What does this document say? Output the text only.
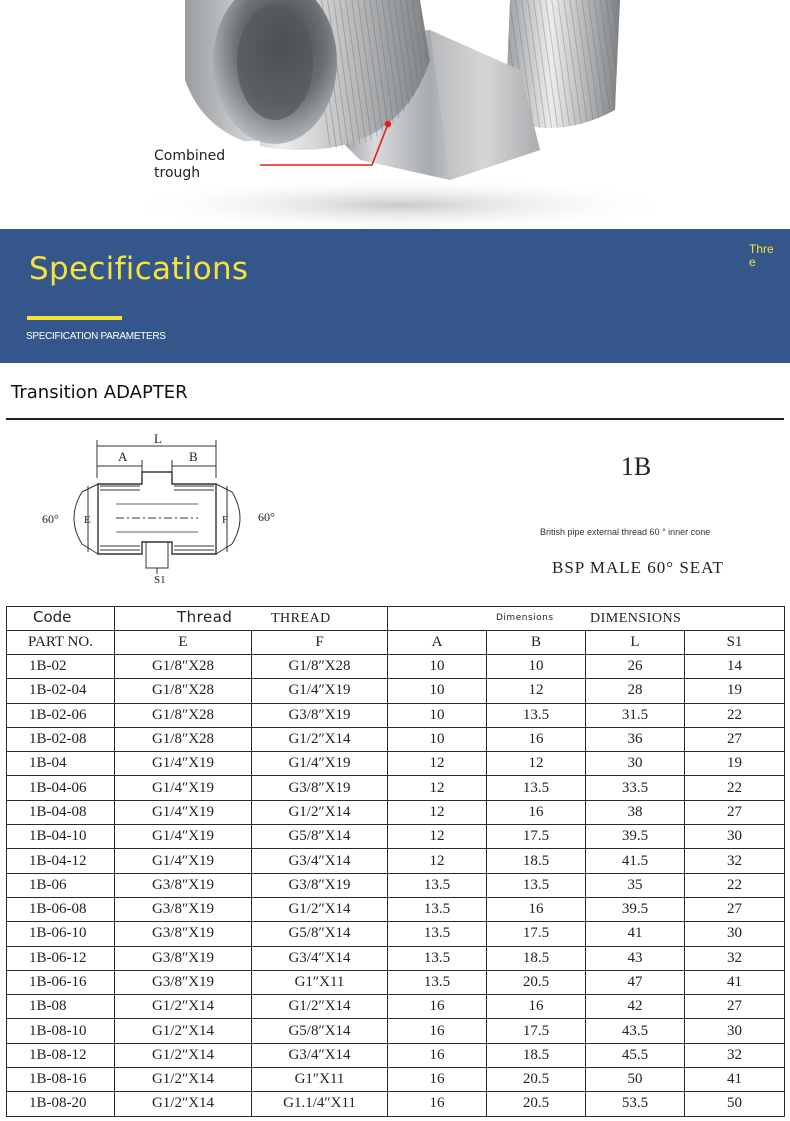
Combined
trough
Specifications
SPECIFICATION PARAMETERS
Three
Transition ADAPTER
L
A	B
E	F
S1
60°	60°
1B
British pipe external thread 60 ° inner cone
BSP MALE 60° SEAT
Code	Thread THREAD		Dimensions DIMENSIONS			

PART NO.	E	F	A	B	L	S1
1B-02	G1/8″X28	G1/8″X28	10	10	26	14
1B-02-04	G1/8″X28	G1/4″X19	10	12	28	19
1B-02-06	G1/8″X28	G3/8″X19	10	13.5	31.5	22
1B-02-08	G1/8″X28	G1/2″X14	10	16	36	27
1B-04	G1/4″X19	G1/4″X19	12	12	30	19
1B-04-06	G1/4″X19	G3/8″X19	12	13.5	33.5	22
1B-04-08	G1/4″X19	G1/2″X14	12	16	38	27
1B-04-10	G1/4″X19	G5/8″X14	12	17.5	39.5	30
1B-04-12	G1/4″X19	G3/4″X14	12	18.5	41.5	32
1B-06	G3/8″X19	G3/8″X19	13.5	13.5	35	22
1B-06-08	G3/8″X19	G1/2″X14	13.5	16	39.5	27
1B-06-10	G3/8″X19	G5/8″X14	13.5	17.5	41	30
1B-06-12	G3/8″X19	G3/4″X14	13.5	18.5	43	32
1B-06-16	G3/8″X19	G1″X11	13.5	20.5	47	41
1B-08	G1/2″X14	G1/2″X14	16	16	42	27
1B-08-10	G1/2″X14	G5/8″X14	16	17.5	43.5	30
1B-08-12	G1/2″X14	G3/4″X14	16	18.5	45.5	32
1B-08-16	G1/2″X14	G1″X11	16	20.5	50	41
1B-08-20	G1/2″X14	G1.1/4″X11	16	20.5	53.5	50
